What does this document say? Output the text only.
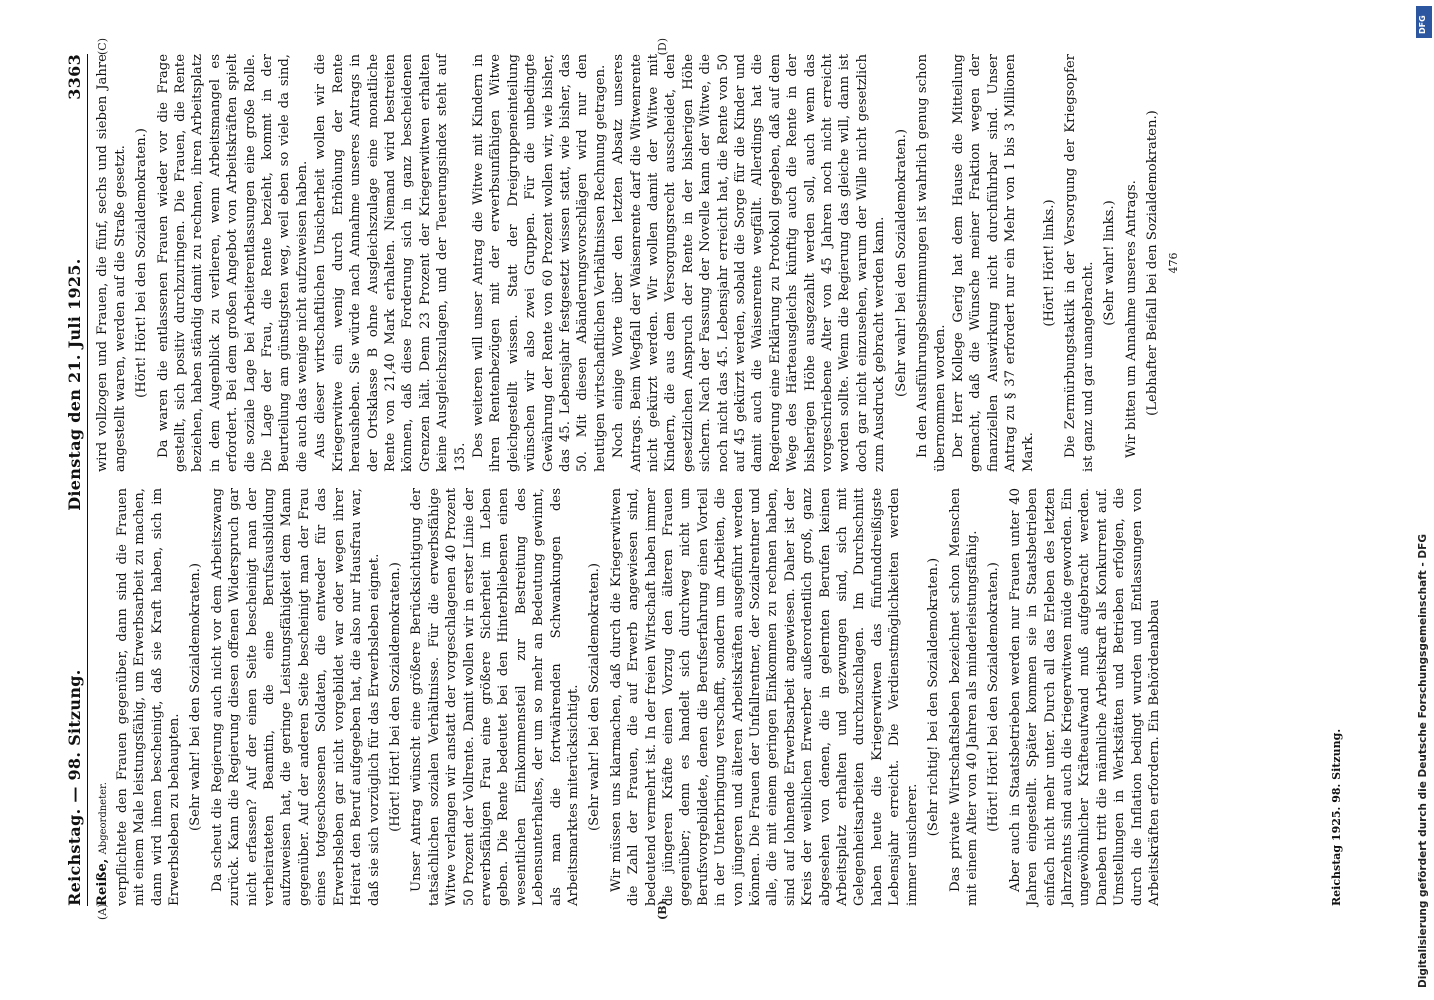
Reichstag. — 98. Sitzung.
Dienstag den 21. Juli 1925.
3363
(A)	(B)
(C)	(D)

Reiße, Abgeordneter. verpflichtete den Frauen gegenüber, dann sind die Frauen mit einem Male leistungsfähig, um Erwerbsarbeit zu machen, dann wird ihnen bescheinigt, daß sie Kraft haben, sich im Erwerbsleben zu behaupten. (Sehr wahr! bei den Sozialdemokraten.) Da scheut die Regierung auch nicht vor dem Arbeitszwang zurück. Kann die Regierung diesen offenen Widerspruch gar nicht erfassen? Auf der einen Seite bescheinigt man der verheirateten Beamtin, die eine Berufsausbildung aufzuweisen hat, die geringe Leistungsfähigkeit dem Mann gegenüber. Auf der anderen Seite bescheinigt man der Frau eines totgeschossenen Soldaten, die entweder für das Erwerbsleben gar nicht vorgebildet war oder wegen ihrer Heirat den Beruf aufgegeben hat, die also nur Hausfrau war, daß sie sich vorzüglich für das Erwerbsleben eignet. (Hört! Hört! bei den Sozialdemokraten.) Unser Antrag wünscht eine größere Berücksichtigung der tatsächlichen sozialen Verhältnisse. Für die erwerbsfähige Witwe verlangen wir anstatt der vorgeschlagenen 40 Prozent 50 Prozent der Vollrente. Damit wollen wir in erster Linie der erwerbsfähigen Frau eine größere Sicherheit im Leben geben. Die Rente bedeutet bei den Hinterbliebenen einen wesentlichen Einkommensteil zur Bestreitung des Lebensunterhaltes, der um so mehr an Bedeutung gewinnt, als man die fortwährenden Schwankungen des Arbeitsmarktes miterücksichtigt. (Sehr wahr! bei den Sozialdemokraten.) Wir müssen uns klarmachen, daß durch die Kriegerwitwen die Zahl der Frauen, die auf Erwerb angewiesen sind, bedeutend vermehrt ist. In der freien Wirtschaft haben immer die jüngeren Kräfte einen Vorzug den älteren Frauen gegenüber; denn es handelt sich durchweg nicht um Berufsvorgebildete, denen die Berufserfahrung einen Vorteil in der Unterbringung verschafft, sondern um Arbeiten, die von jüngeren und älteren Arbeitskräften ausgeführt werden können. Die Frauen der Unfallrentner, der Sozialrentner und alle, die mit einem geringen Einkommen zu rechnen haben, sind auf lohnende Erwerbsarbeit angewiesen. Daher ist der Kreis der weiblichen Erwerber außerordentlich groß, ganz abgesehen von denen, die in gelernten Berufen keinen Arbeitsplatz erhalten und gezwungen sind, sich mit Gelegenheitsarbeiten durchzuschlagen. Im Durchschnitt haben heute die Kriegerwitwen das fünfunddreißigste Lebensjahr erreicht. Die Verdienstmöglichkeiten werden immer unsicherer.

(Sehr richtig! bei den Sozialdemokraten.) Das private Wirtschaftsleben bezeichnet schon Menschen mit einem Alter von 40 Jahren als minderleistungsfähig. (Hört! Hört! bei den Sozialdemokraten.) Aber auch in Staatsbetrieben werden nur Frauen unter 40 Jahren eingestellt. Später kommen sie in Staatsbetrieben einfach nicht mehr unter. Durch all das Erleben des letzten Jahrzehnts sind auch die Kriegerwitwen müde geworden. Ein ungewöhnlicher Kräfteaufwand muß aufgebracht werden. Daneben tritt die männliche Arbeitskraft als Konkurrent auf. Umstellungen in Werkstätten und Betrieben erfolgen, die durch die Inflation bedingt wurden und Entlassungen von Arbeitskräften erfordern. Ein Behördenabbau

wird vollzogen und Frauen, die fünf, sechs und sieben Jahre angestellt waren, werden auf die Straße gesetzt. (Hört! Hört! bei den Sozialdemokraten.) Da waren die entlassenen Frauen wieder vor die Frage gestellt, sich positiv durchzuringen. Die Frauen, die Rente beziehen, haben ständig damit zu rechnen, ihren Arbeitsplatz in dem Augenblick zu verlieren, wenn Arbeitsmangel es erfordert. Bei dem großen Angebot von Arbeitskräften spielt die soziale Lage bei Arbeiterentlassungen eine große Rolle. Die Lage der Frau, die Rente bezieht, kommt in der Beurteilung am günstigsten weg, weil eben so viele da sind, die auch das wenige nicht aufzuweisen haben. Aus dieser wirtschaftlichen Unsicherheit wollen wir die Kriegerwitwe ein wenig durch Erhöhung der Rente herausheben. Sie würde nach Annahme unseres Antrags in der Ortsklasse B ohne Ausgleichszulage eine monatliche Rente von 21,40 Mark erhalten. Niemand wird bestreiten können, daß diese Forderung sich in ganz bescheidenen Grenzen hält. Denn 23 Prozent der Kriegerwitwen erhalten keine Ausgleichszulagen, und der Teuerungsindex steht auf 135. Des weiteren will unser Antrag die Witwe mit Kindern in ihren Rentenbezügen mit der erwerbsunfähigen Witwe gleichgestellt wissen. Statt der Dreigruppeneinteilung wünschen wir also zwei Gruppen. Für die unbedingte Gewährung der Rente von 60 Prozent wollen wir, wie bisher, das 45. Lebensjahr festgesetzt wissen statt, wie bisher, das 50. Mit diesen Abänderungsvorschlägen wird nur den heutigen wirtschaftlichen Verhältnissen Rechnung getragen. Noch einige Worte über den letzten Absatz unseres Antrags. Beim Wegfall der Waisenrente darf die Witwenrente nicht gekürzt werden. Wir wollen damit der Witwe mit Kindern, die aus dem Versorgungsrecht ausscheidet, den gesetzlichen Anspruch der Rente in der bisherigen Höhe sichern. Nach der Fassung der Novelle kann der Witwe, die noch nicht das 45. Lebensjahr erreicht hat, die Rente von 50 auf 45 gekürzt werden, sobald die Sorge für die Kinder und damit auch die Waisenrente wegfällt. Allerdings hat die Regierung eine Erklärung zu Protokoll gegeben, daß auf dem Wege des Härteausgleichs künftig auch die Rente in der bisherigen Höhe ausgezahlt werden soll, auch wenn das vorgeschriebene Alter von 45 Jahren noch nicht erreicht worden sollte. Wenn die Regierung das gleiche will, dann ist doch gar nicht einzusehen, warum der Wille nicht gesetzlich zum Ausdruck gebracht werden kann. (Sehr wahr! bei den Sozialdemokraten.) In den Ausführungsbestimmungen ist wahrlich genug schon übernommen worden. Der Herr Kollege Gerig hat dem Hause die Mitteilung gemacht, daß die Wünsche meiner Fraktion wegen der finanziellen Auswirkung nicht durchführbar sind. Unser Antrag zu § 37 erfordert nur ein Mehr von 1 bis 3 Millionen Mark.

(Hört! Hört! links.) Die Zermürbungstaktik in der Versorgung der Kriegsopfer ist ganz und gar unangebracht. (Sehr wahr! links.) Wir bitten um Annahme unseres Antrags. (Lebhafter Beifall bei den Sozialdemokraten.) 476
Reichstag 1925. 98. Sitzung.
DFG
Digitalisierung gefördert durch die Deutsche Forschungsgemeinschaft - DFG
